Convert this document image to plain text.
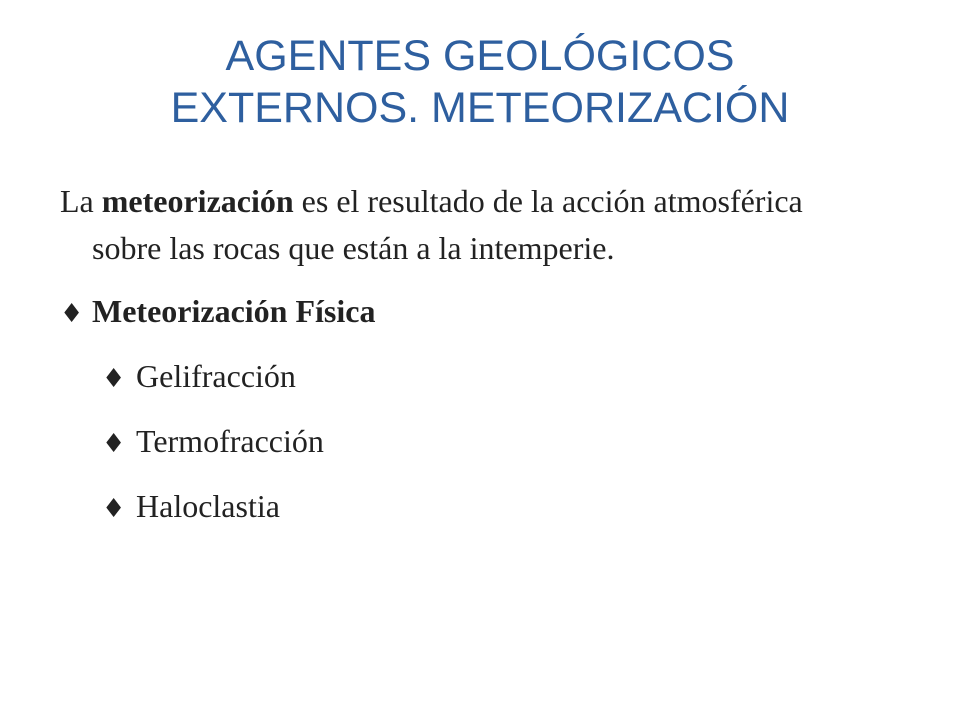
AGENTES GEOLÓGICOS
EXTERNOS. METEORIZACIÓN

La meteorización es el resultado de la acción atmosférica sobre las rocas que están a la intemperie.

♦ Meteorización Física
♦ Gelifracción
♦ Termofracción
♦ Haloclastia
